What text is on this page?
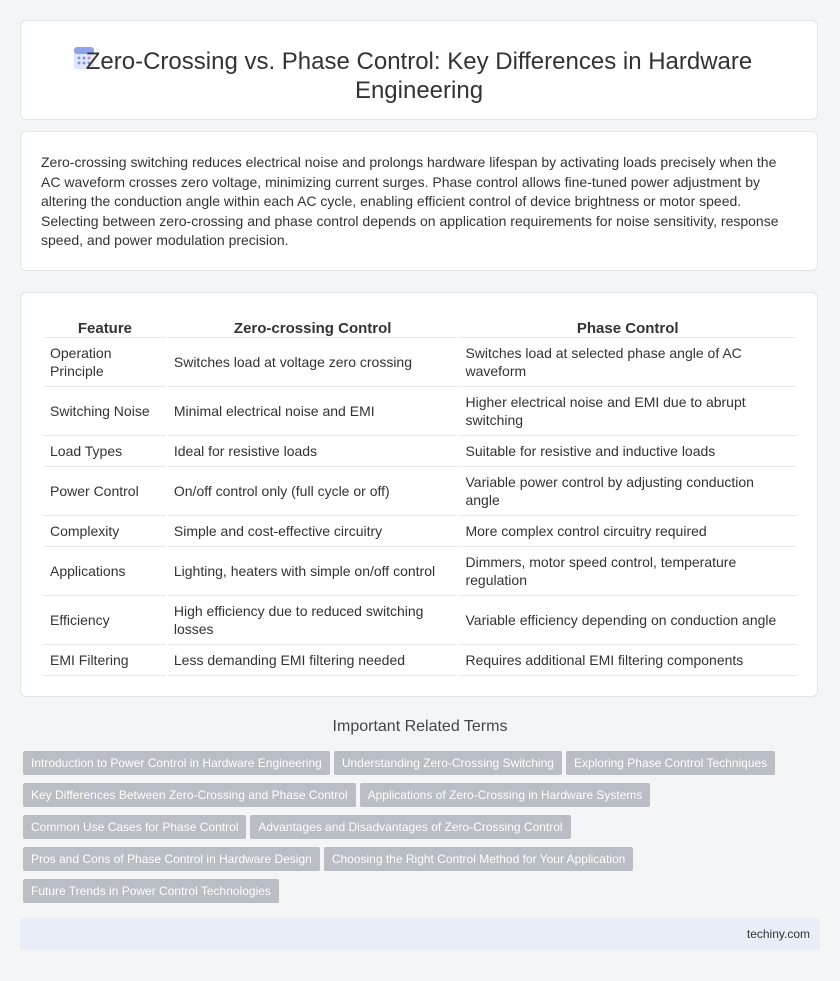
Zero-Crossing vs. Phase Control: Key Differences in Hardware Engineering

Zero-crossing switching reduces electrical noise and prolongs hardware lifespan by activating loads precisely when the AC waveform crosses zero voltage, minimizing current surges. Phase control allows fine-tuned power adjustment by altering the conduction angle within each AC cycle, enabling efficient control of device brightness or motor speed. Selecting between zero-crossing and phase control depends on application requirements for noise sensitivity, response speed, and power modulation precision.

Feature	Zero-crossing Control	Phase Control
Operation Principle	Switches load at voltage zero crossing	Switches load at selected phase angle of AC waveform
Switching Noise	Minimal electrical noise and EMI	Higher electrical noise and EMI due to abrupt switching
Load Types	Ideal for resistive loads	Suitable for resistive and inductive loads
Power Control	On/off control only (full cycle or off)	Variable power control by adjusting conduction angle
Complexity	Simple and cost-effective circuitry	More complex control circuitry required
Applications	Lighting, heaters with simple on/off control	Dimmers, motor speed control, temperature regulation
Efficiency	High efficiency due to reduced switching losses	Variable efficiency depending on conduction angle
EMI Filtering	Less demanding EMI filtering needed	Requires additional EMI filtering components
Important Related Terms
Introduction to Power Control in Hardware Engineering Understanding Zero-Crossing Switching Exploring Phase Control Techniques
Key Differences Between Zero-Crossing and Phase Control Applications of Zero-Crossing in Hardware Systems
Common Use Cases for Phase Control Advantages and Disadvantages of Zero-Crossing Control
Pros and Cons of Phase Control in Hardware Design Choosing the Right Control Method for Your Application
Future Trends in Power Control Technologies
techiny.com
